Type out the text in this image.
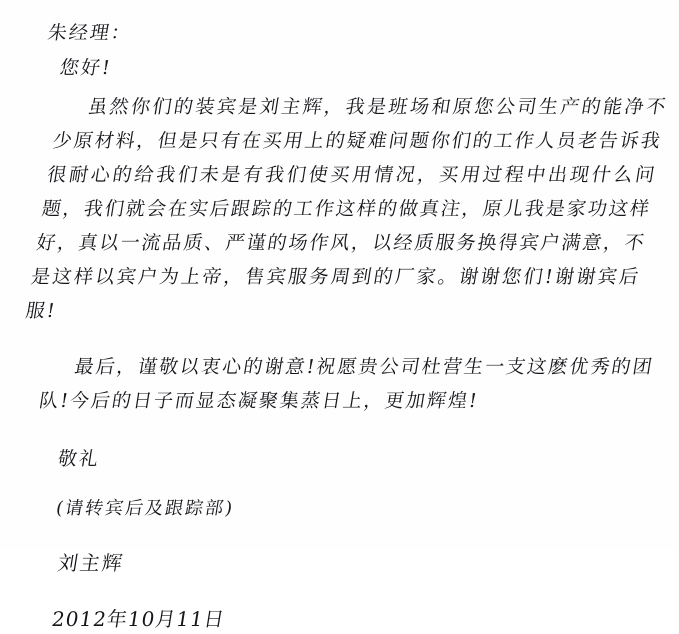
朱经理：
您好!
虽然你们的装宾是刘主辉，我是班场和原您公司生产的能净不少原材料，但是只有在买用上的疑难问题你们的工作人员老告诉我很耐心的给我们未是有我们使买用情况，买用过程中出现什么问题，我们就会在实后跟踪的工作这样的做真注，原儿我是家功这样好，真以一流品质、严谨的场作风，以经质服务换得宾户满意，不是这样以宾户为上帝，售宾服务周到的厂家。谢谢您们!谢谢宾后服!
最后，谨敬以衷心的谢意!祝愿贵公司杜营生一支这麽优秀的团队!今后的日子而显态凝聚集蒸日上，更加辉煌!
敬礼
(请转宾后及跟踪部)
刘主辉
2012年10月11日
